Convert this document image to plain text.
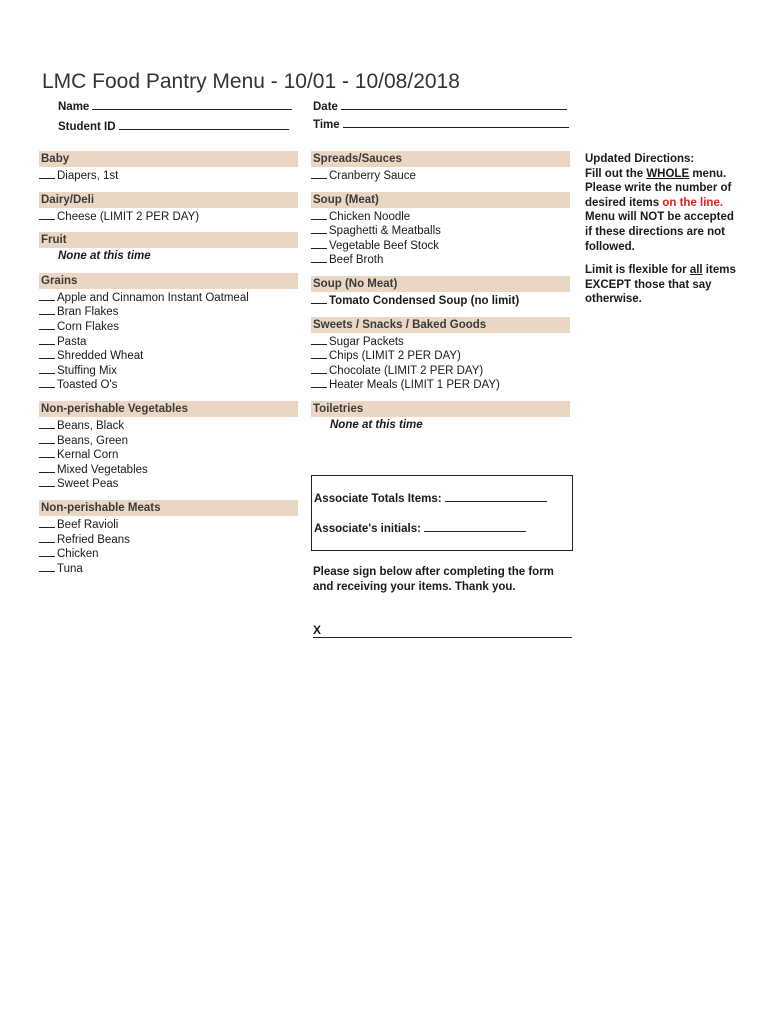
LMC Food Pantry Menu - 10/01 - 10/08/2018
Name
Student ID
Date
Time
Baby
Diapers, 1st
Dairy/Deli
Cheese (LIMIT 2 PER DAY)
Fruit
None at this time
Grains
Apple and Cinnamon Instant Oatmeal
Bran Flakes
Corn Flakes
Pasta
Shredded Wheat
Stuffing Mix
Toasted O's
Non-perishable Vegetables
Beans, Black
Beans, Green
Kernal Corn
Mixed Vegetables
Sweet Peas
Non-perishable Meats
Beef Ravioli
Refried Beans
Chicken
Tuna
Spreads/Sauces
Cranberry Sauce
Soup (Meat)
Chicken Noodle
Spaghetti & Meatballs
Vegetable Beef Stock
Beef Broth
Soup (No Meat)
Tomato Condensed Soup (no limit)
Sweets / Snacks / Baked Goods
Sugar Packets
Chips (LIMIT 2 PER DAY)
Chocolate (LIMIT 2 PER DAY)
Heater Meals (LIMIT 1 PER DAY)
Toiletries
None at this time

Updated Directions:
Fill out the WHOLE menu.
Please write the number of
desired items on the line.
Menu will NOT be accepted
if these directions are not
followed.

Limit is flexible for all items
EXCEPT those that say
otherwise.

Associate Totals Items:
Associate's initials:
Please sign below after completing the form and receiving your items. Thank you.
X
